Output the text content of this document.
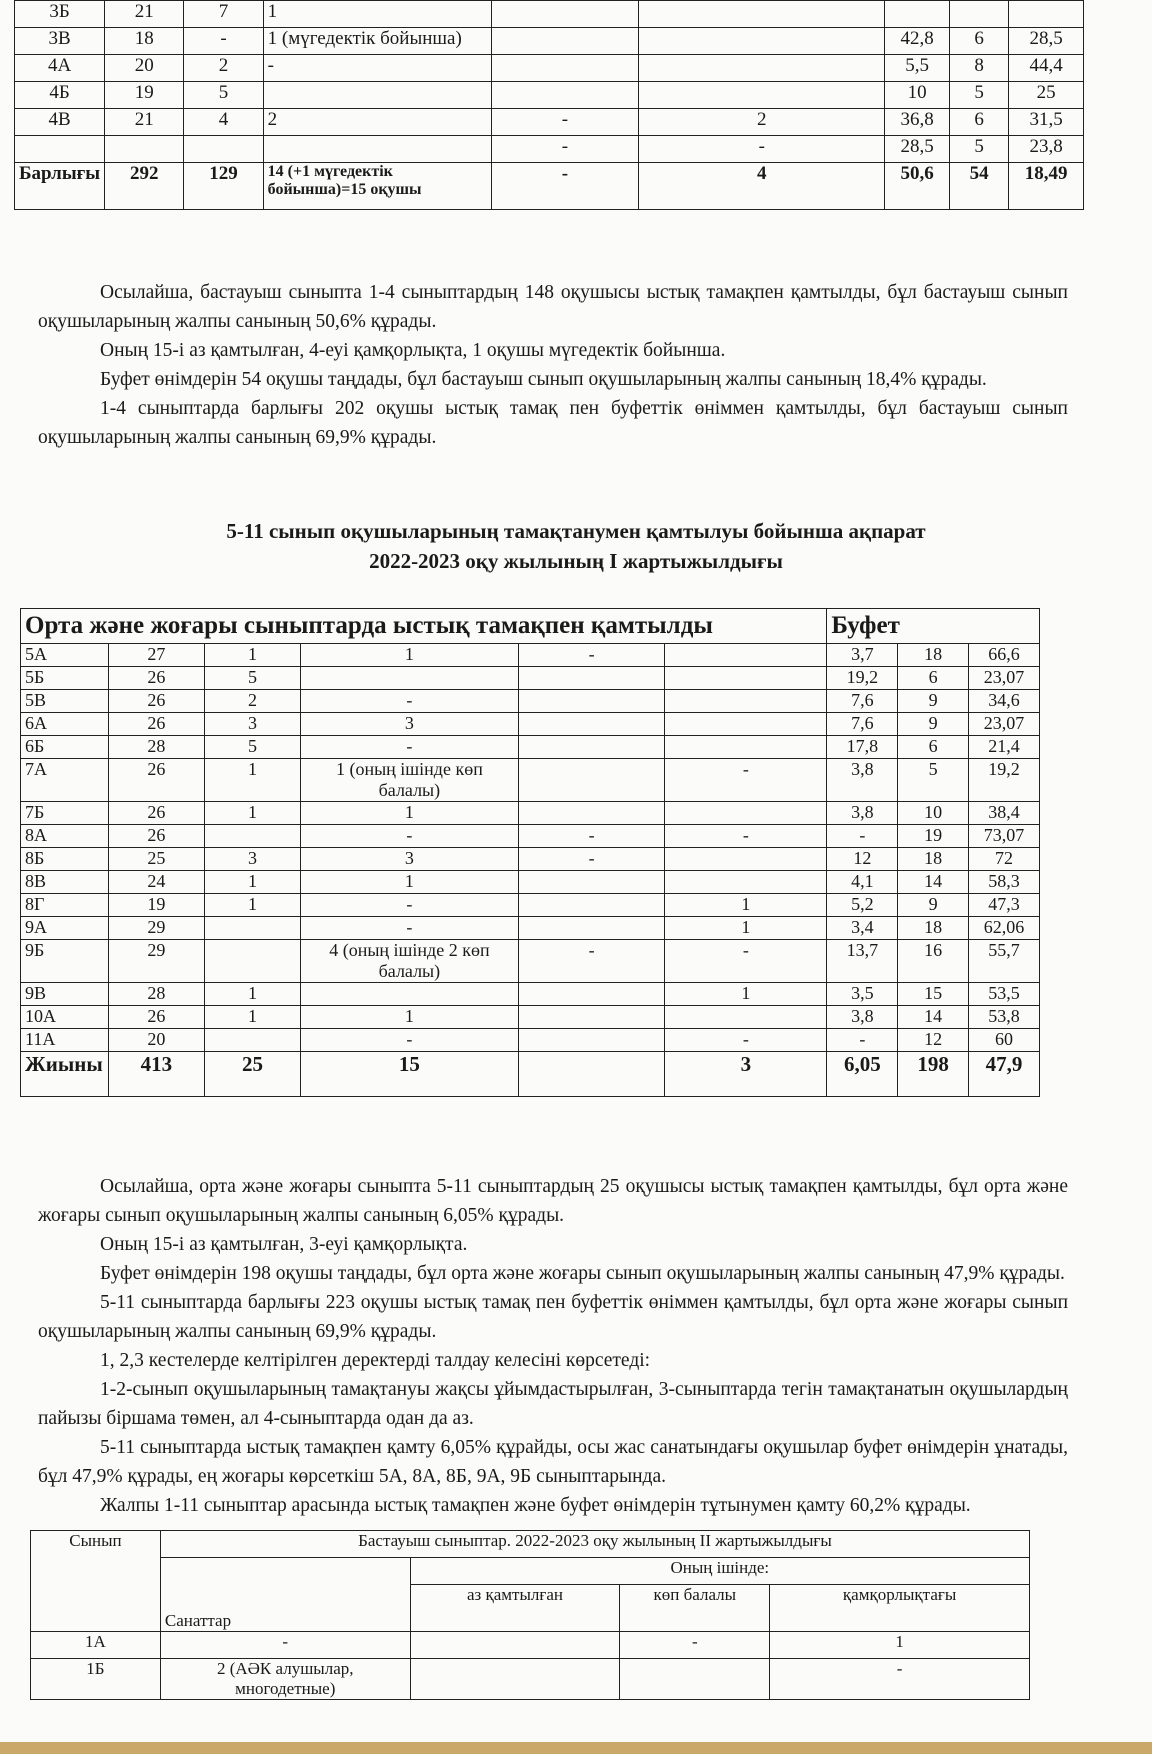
3Б	21	7	1					
3В	18	-	1 (мүгедектік бойынша)			42,8	6	28,5
4А	20	2	-			5,5	8	44,4
4Б	19	5				10	5	25
4В	21	4	2	-	2	36,8	6	31,5
				-	-	28,5	5	23,8
Барлығы	292	129	14 (+1 мүгедектік бойынша)=15 оқушы	-	4	50,6	54	18,49

Осылайша, бастауыш сыныпта 1-4 сыныптардың 148 оқушысы ыстық тамақпен қамтылды, бұл бастауыш сынып оқушыларының жалпы санының 50,6% құрады.

Оның 15-і аз қамтылған, 4-еуі қамқорлықта, 1 оқушы мүгедектік бойынша.

Буфет өнімдерін 54 оқушы таңдады, бұл бастауыш сынып оқушыларының жалпы санының 18,4% құрады.

1-4 сыныптарда барлығы 202 оқушы ыстық тамақ пен буфеттік өніммен қамтылды, бұл бастауыш сынып оқушыларының жалпы санының 69,9% құрады.

5-11 сынып оқушыларының тамақтанумен қамтылуы бойынша ақпарат
2022-2023 оқу жылының I жартыжылдығы
Орта және жоғары сыныптарда ыстық тамақпен қамтылды						Буфет		
5А	27	1	1	-		3,7	18	66,6
5Б	26	5				19,2	6	23,07
5В	26	2	-			7,6	9	34,6
6А	26	3	3			7,6	9	23,07
6Б	28	5	-			17,8	6	21,4
7А	26	1	1 (оның ішінде көп балалы)		-	3,8	5	19,2
7Б	26	1	1			3,8	10	38,4
8А	26		-	-	-	-	19	73,07
8Б	25	3	3	-		12	18	72
8В	24	1	1			4,1	14	58,3
8Г	19	1	-		1	5,2	9	47,3
9А	29		-		1	3,4	18	62,06
9Б	29		4 (оның ішінде 2 көп балалы)	-	-	13,7	16	55,7
9В	28	1			1	3,5	15	53,5
10А	26	1	1			3,8	14	53,8
11А	20		-		-	-	12	60
Жиыны	413	25	15		3	6,05	198	47,9

Осылайша, орта және жоғары сыныпта 5-11 сыныптардың 25 оқушысы ыстық тамақпен қамтылды, бұл орта және жоғары сынып оқушыларының жалпы санының 6,05% құрады.

Оның 15-і аз қамтылған, 3-еуі қамқорлықта.

Буфет өнімдерін 198 оқушы таңдады, бұл орта және жоғары сынып оқушыларының жалпы санының 47,9% құрады.

5-11 сыныптарда барлығы 223 оқушы ыстық тамақ пен буфеттік өніммен қамтылды, бұл орта және жоғары сынып оқушыларының жалпы санының 69,9% құрады.

1, 2,3 кестелерде келтірілген деректерді талдау келесіні көрсетеді:

1-2-сынып оқушыларының тамақтануы жақсы ұйымдастырылған, 3-сыныптарда тегін тамақтанатын оқушылардың пайызы біршама төмен, ал 4-сыныптарда одан да аз.

5-11 сыныптарда ыстық тамақпен қамту 6,05% құрайды, осы жас санатындағы оқушылар буфет өнімдерін ұнатады, бұл 47,9% құрады, ең жоғары көрсеткіш 5А, 8А, 8Б, 9А, 9Б сыныптарында.

Жалпы 1-11 сыныптар арасында ыстық тамақпен және буфет өнімдерін тұтынумен қамту 60,2% құрады.

Сынып	Бастауыш сыныптар. 2022-2023 оқу жылының II жартыжылдығы			
	Санаттар	Оның ішінде:		
		аз қамтылған	көп балалы	қамқорлықтағы
1А	-		-	1
1Б	2 (АӘК алушылар, многодетные)			-
